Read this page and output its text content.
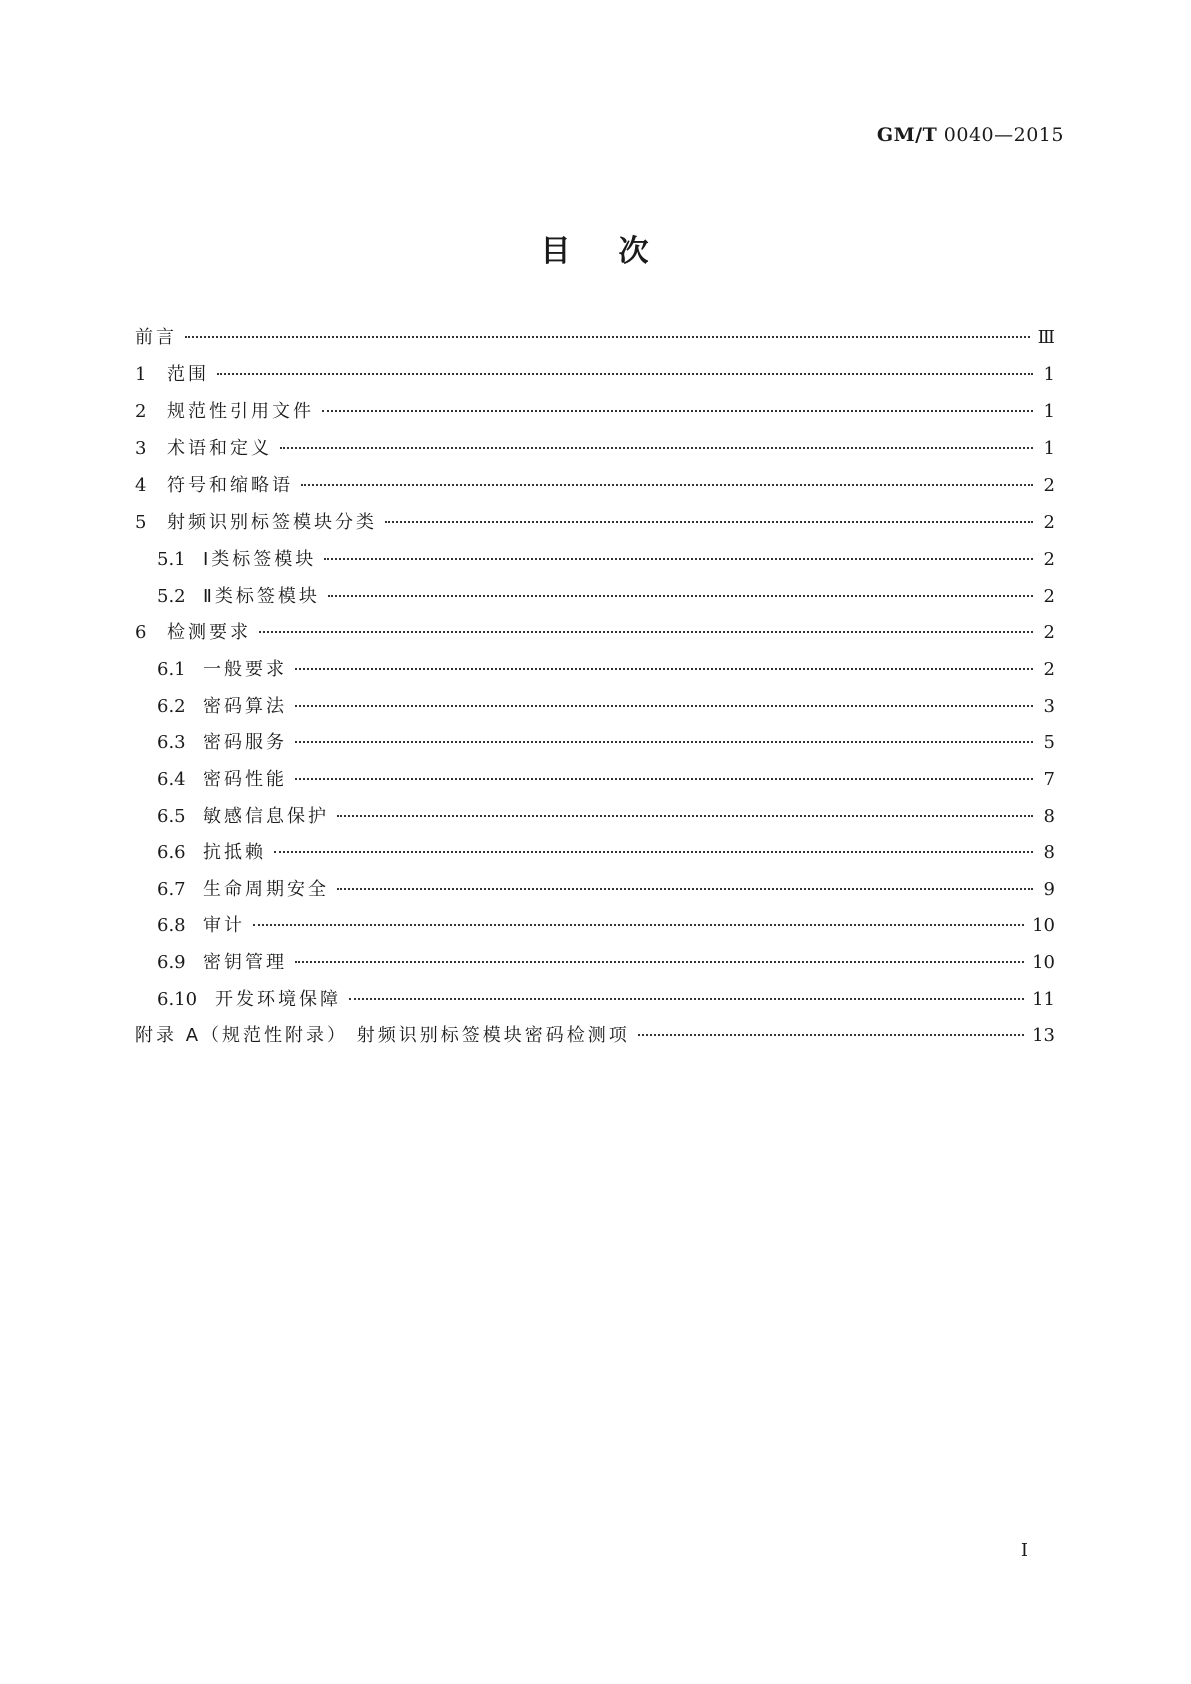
GM/T 0040—2015
目 次
前言	Ⅲ
1	范围	1
2	规范性引用文件	1
3	术语和定义	1
4	符号和缩略语	2
5	射频识别标签模块分类	2
5.1 Ⅰ类标签模块	2
5.2 Ⅱ类标签模块	2
6	检测要求	2
6.1 一般要求	2
6.2 密码算法	3
6.3 密码服务	5
6.4 密码性能	7
6.5 敏感信息保护	8
6.6 抗抵赖	8
6.7 生命周期安全	9
6.8 审计	10
6.9 密钥管理	10
6.10 开发环境保障	11
附录 A（规范性附录） 射频识别标签模块密码检测项	13
I
